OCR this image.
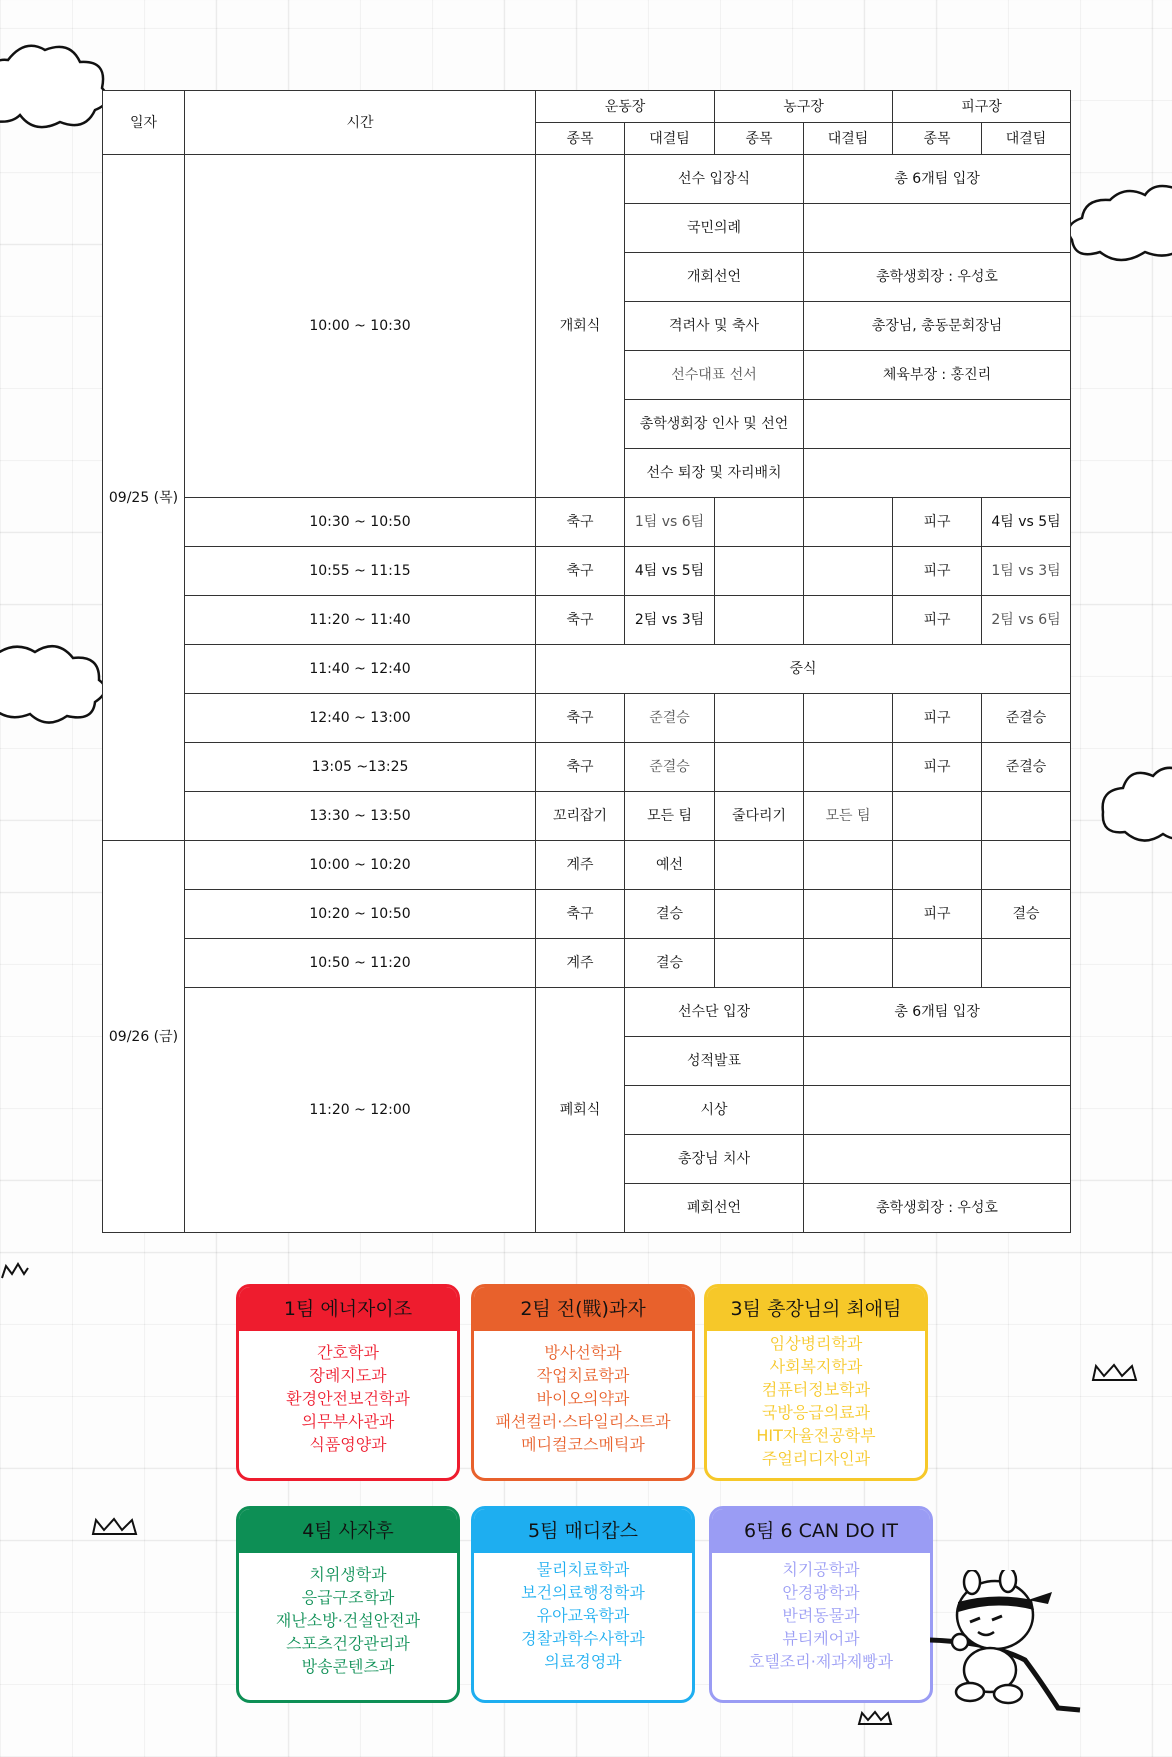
일자	시간	운동장		농구장		피구장	
		종목	대결팀	종목	대결팀	종목	대결팀
09/25 (목)	10:00 ~ 10:30	개회식	선수 입장식		총 6개팀 입장		
			국민의례				
			개회선언		총학생회장 : 우성호		
			격려사 및 축사		총장님, 총동문회장님		
			선수대표 선서		체육부장 : 홍진리		
			총학생회장 인사 및 선언				
			선수 퇴장 및 자리배치				
	10:30 ~ 10:50	축구	1팀 vs 6팀			피구	4팀 vs 5팀
	10:55 ~ 11:15	축구	4팀 vs 5팀			피구	1팀 vs 3팀
	11:20 ~ 11:40	축구	2팀 vs 3팀			피구	2팀 vs 6팀
	11:40 ~ 12:40	중식					
	12:40 ~ 13:00	축구	준결승			피구	준결승
	13:05 ~13:25	축구	준결승			피구	준결승
	13:30 ~ 13:50	꼬리잡기	모든 팀	줄다리기	모든 팀		
09/26 (금)	10:00 ~ 10:20	계주	예선				
	10:20 ~ 10:50	축구	결승			피구	결승
	10:50 ~ 11:20	계주	결승				
	11:20 ~ 12:00	폐회식	선수단 입장		총 6개팀 입장		
			성적발표				
			시상				
			총장님 치사				
			폐회선언		총학생회장 : 우성호		
1팀 에너자이조
간호학과
장례지도과
환경안전보건학과
의무부사관과
식품영양과
2팀 전(戰)과자
방사선학과
작업치료학과
바이오의약과
패션컬러·스타일리스트과
메디컬코스메틱과
3팀 총장님의 최애팀
임상병리학과
사회복지학과
컴퓨터정보학과
국방응급의료과
HIT자율전공학부
주얼리디자인과
4팀 사자후
치위생학과
응급구조학과
재난소방·건설안전과
스포츠건강관리과
방송콘텐츠과
5팀 매디캅스
물리치료학과
보건의료행정학과
유아교육학과
경찰과학수사학과
의료경영과
6팀 6 CAN DO IT
치기공학과
안경광학과
반려동물과
뷰티케어과
호텔조리·제과제빵과
